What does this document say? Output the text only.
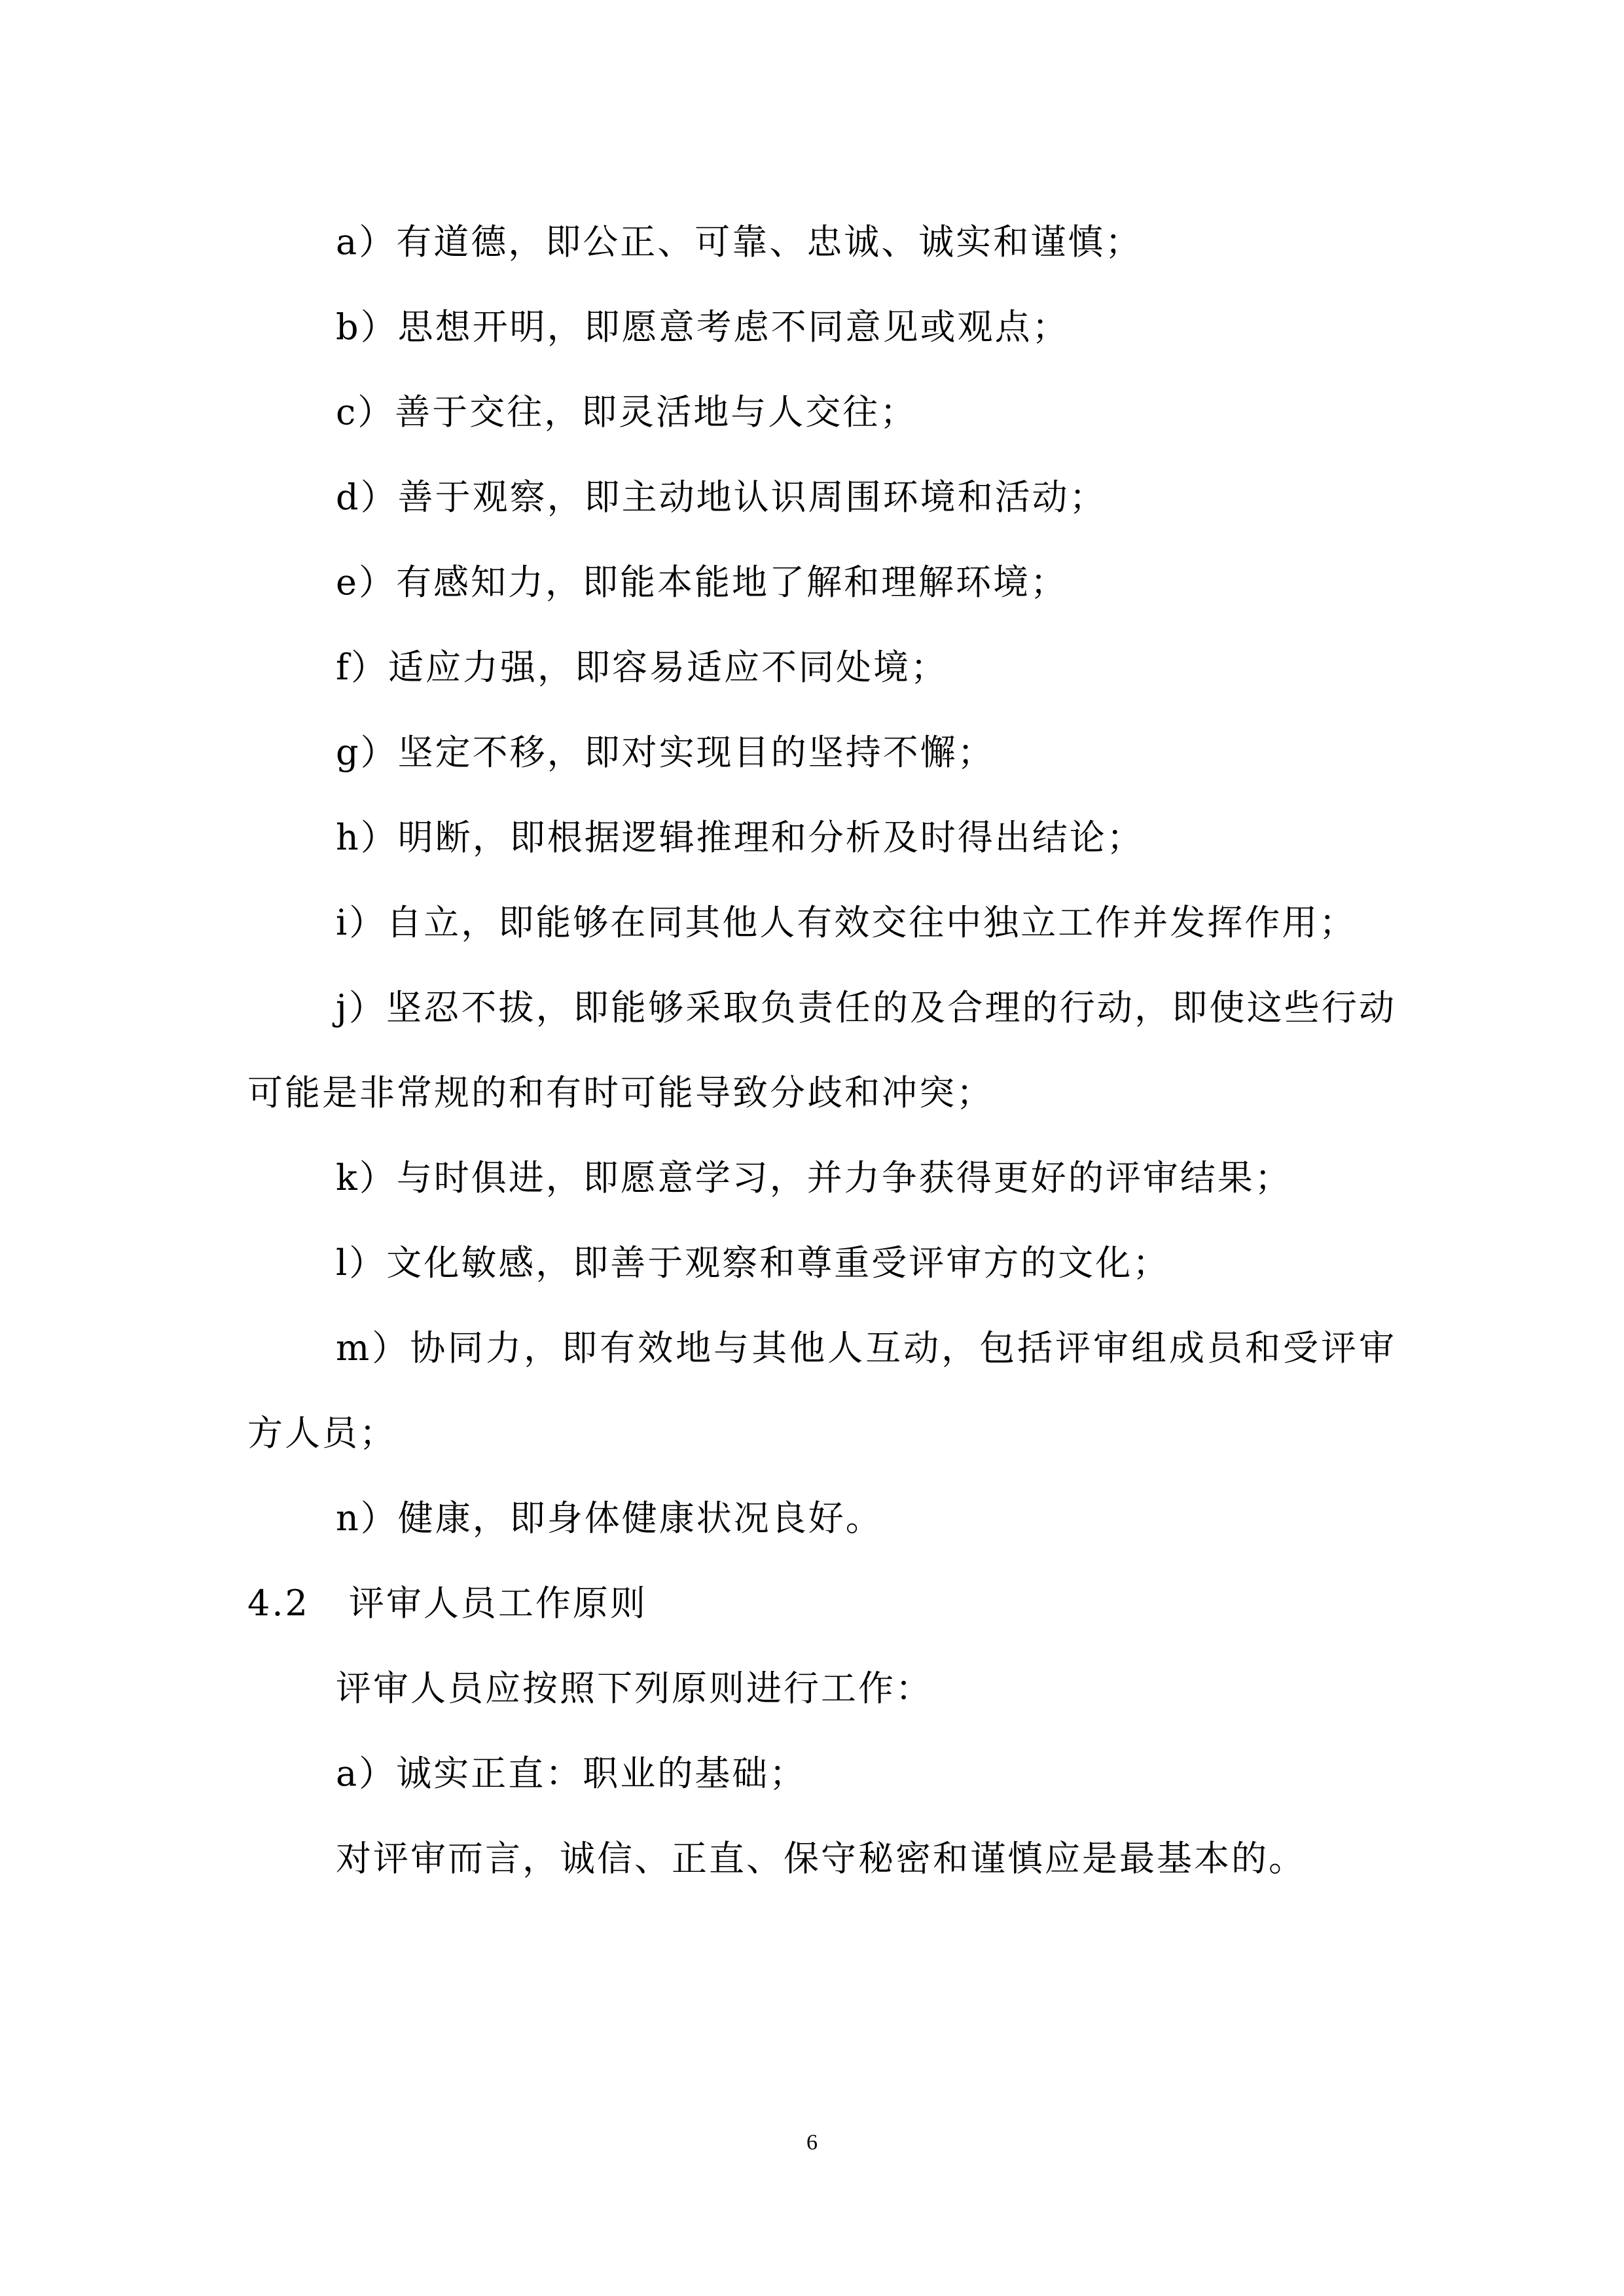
a）有道德，即公正、可靠、忠诚、诚实和谨慎；

b）思想开明，即愿意考虑不同意见或观点；

c）善于交往，即灵活地与人交往；

d）善于观察，即主动地认识周围环境和活动；

e）有感知力，即能本能地了解和理解环境；

f）适应力强，即容易适应不同处境；

g）坚定不移，即对实现目的坚持不懈；

h）明断，即根据逻辑推理和分析及时得出结论；

i）自立，即能够在同其他人有效交往中独立工作并发挥作用；

j）坚忍不拔，即能够采取负责任的及合理的行动，即使这些行动可能是非常规的和有时可能导致分歧和冲突；

k）与时俱进，即愿意学习，并力争获得更好的评审结果；

l）文化敏感，即善于观察和尊重受评审方的文化；

m）协同力，即有效地与其他人互动，包括评审组成员和受评审方人员；

n）健康，即身体健康状况良好。

4.2 评审人员工作原则

评审人员应按照下列原则进行工作：

a）诚实正直：职业的基础；

对评审而言，诚信、正直、保守秘密和谨慎应是最基本的。

6
